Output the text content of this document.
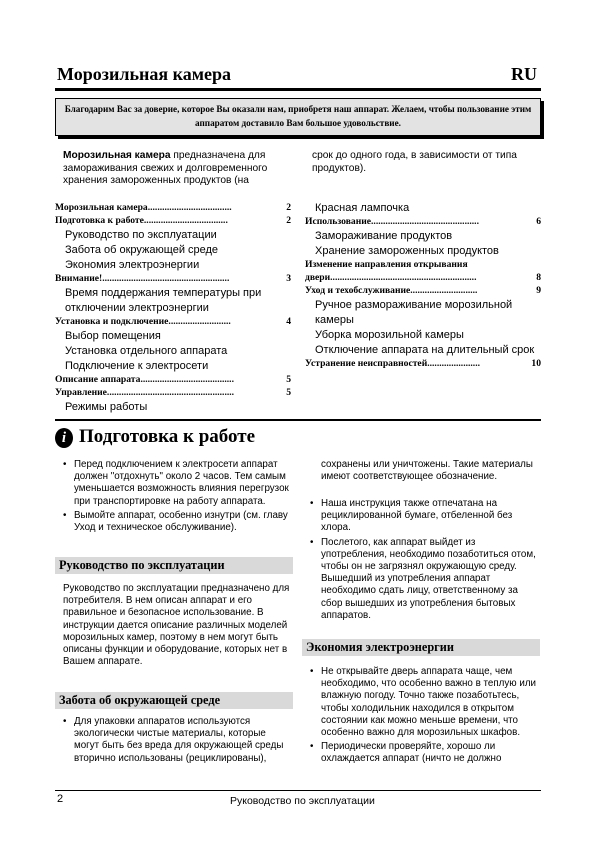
Морозильная камера	RU
Благодарим Вас за доверие, которое Вы оказали нам, приобретя наш аппарат. Желаем, чтобы пользование этим аппаратом доставило Вам большое удовольствие.
Морозильная камера предназначена для замораживания свежих и долговременного хранения замороженных продуктов (на
срок до одного года, в зависимости от типа продуктов).
Морозильная камера ...................................	2
Подготовка к работе ...................................	2
Руководство по эксплуатации
Забота об окружающей среде
Экономия электроэнергии
Внимание! .....................................................	3
Время поддержания температуры при отключении электроэнергии
Установка и подключение ..........................	4
Выбор помещения
Установка отдельного аппарата
Подключение к электросети
Описание аппарата .......................................	5
Управление .....................................................	5
Режимы работы
Красная лампочка
Использование .............................................	6
Замораживание продуктов
Хранение замороженных продуктов
Изменение направления открывания
двери .............................................................	8
Уход и техобслуживание ............................	9
Ручное размораживание морозильной камеры
Уборка морозильной камеры
Отключение аппарата на длительный срок
Устранение неисправностей ......................	10
i Подготовка к работе
• Перед подключением к электросети аппарат должен "отдохнуть" около 2 часов. Тем самым уменьшается возможность влияния перегрузок при транспортировке на работу аппарата.
• Вымойте аппарат, особенно изнутри (см. главу Уход и техническое обслуживание).
Руководство по эксплуатации
Руководство по эксплуатации предназначено для потребителя. В нем описан аппарат и его правильное и безопасное использование. В инструкции дается описание различных моделей морозильных камер, поэтому в нем могут быть описаны функции и оборудование, которых нет в Вашем аппарате.
Забота об окружающей среде
• Для упаковки аппаратов используются экологически чистые материалы, которые могут быть без вреда для окружающей среды вторично использованы (рециклированы),
сохранены или уничтожены. Такие материалы имеют соответствующее обозначение.
• Наша инструкция также отпечатана на рециклированной бумаге, отбеленной без хлора.
• Послетого, как аппарат выйдет из употребления, необходимо позаботиться отом, чтобы он не загрязнял окружающую среду. Вышедший из употребления аппарат необходимо сдать лицу, ответственному за сбор вышедших из употребления бытовых аппаратов.
Экономия электроэнергии
• Не открывайте дверь аппарата чаще, чем необходимо, что особенно важно в теплую или влажную погоду. Точно также позаботьтесь, чтобы холодильник находился в открытом состоянии как можно меньше времени, что особенно важно для морозильных шкафов.
• Периодически проверяйте, хорошо ли охлаждается аппарат (ничто не должно
2	Руководство по эксплуатации
